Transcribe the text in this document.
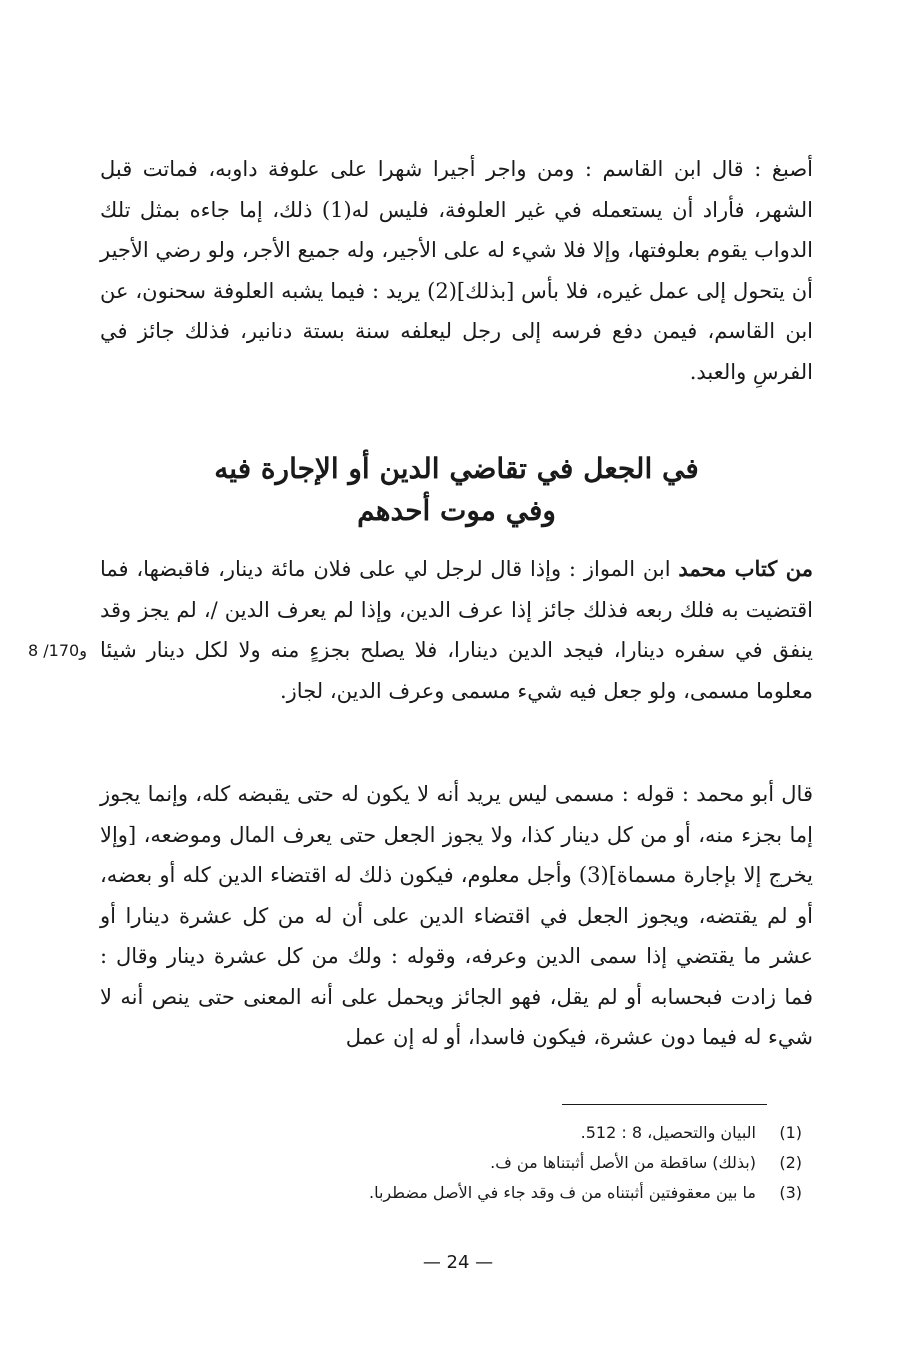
أصبغ : قال ابن القاسم : ومن واجر أجيرا شهرا على علوفة داوبه، فماتت قبل الشهر، فأراد أن يستعمله في غير العلوفة، فليس له(1) ذلك، إما جاءه بمثل تلك الدواب يقوم بعلوفتها، وإلا فلا شيء له على الأجير، وله جميع الأجر، ولو رضي الأجير أن يتحول إلى عمل غيره، فلا بأس [بذلك](2) يريد : فيما يشبه العلوفة سحنون، عن ابن القاسم، فيمن دفع فرسه إلى رجل ليعلفه سنة بستة دنانير، فذلك جائز في الفرسِ والعبد.

في الجعل في تقاضي الدين أو الإجارة فيه
وفي موت أحدهم

من كتاب محمد ابن المواز : وإذا قال لرجل لي على فلان مائة دينار، فاقبضها، فما اقتضيت به فلك ربعه فذلك جائز إذا عرف الدين، وإذا لم يعرف الدين /، لم يجز وقد ينفق في سفره دينارا، فيجد الدين دينارا، فلا يصلح بجزءٍ منه ولا لكل دينار شيئا معلوما مسمى، ولو جعل فيه شيء مسمى وعرف الدين، لجاز.

8 /170و

قال أبو محمد : قوله : مسمى ليس يريد أنه لا يكون له حتى يقبضه كله، وإنما يجوز إما بجزء منه، أو من كل دينار كذا، ولا يجوز الجعل حتى يعرف المال وموضعه، [وإلا يخرج إلا بإجارة مسماة](3) وأجل معلوم، فيكون ذلك له اقتضاء الدين كله أو بعضه، أو لم يقتضه، ويجوز الجعل في اقتضاء الدين على أن له من كل عشرة دينارا أو عشر ما يقتضي إذا سمى الدين وعرفه، وقوله : ولك من كل عشرة دينار وقال : فما زادت فبحسابه أو لم يقل، فهو الجائز ويحمل على أنه المعنى حتى ينص أنه لا شيء له فيما دون عشرة، فيكون فاسدا، أو له إن عمل

(1)البيان والتحصيل، 8 : 512.
(2)(بذلك) ساقطة من الأصل أثبتناها من ف.
(3)ما بين معقوفتين أثبتناه من ف وقد جاء في الأصل مضطربا.
— 24 —
